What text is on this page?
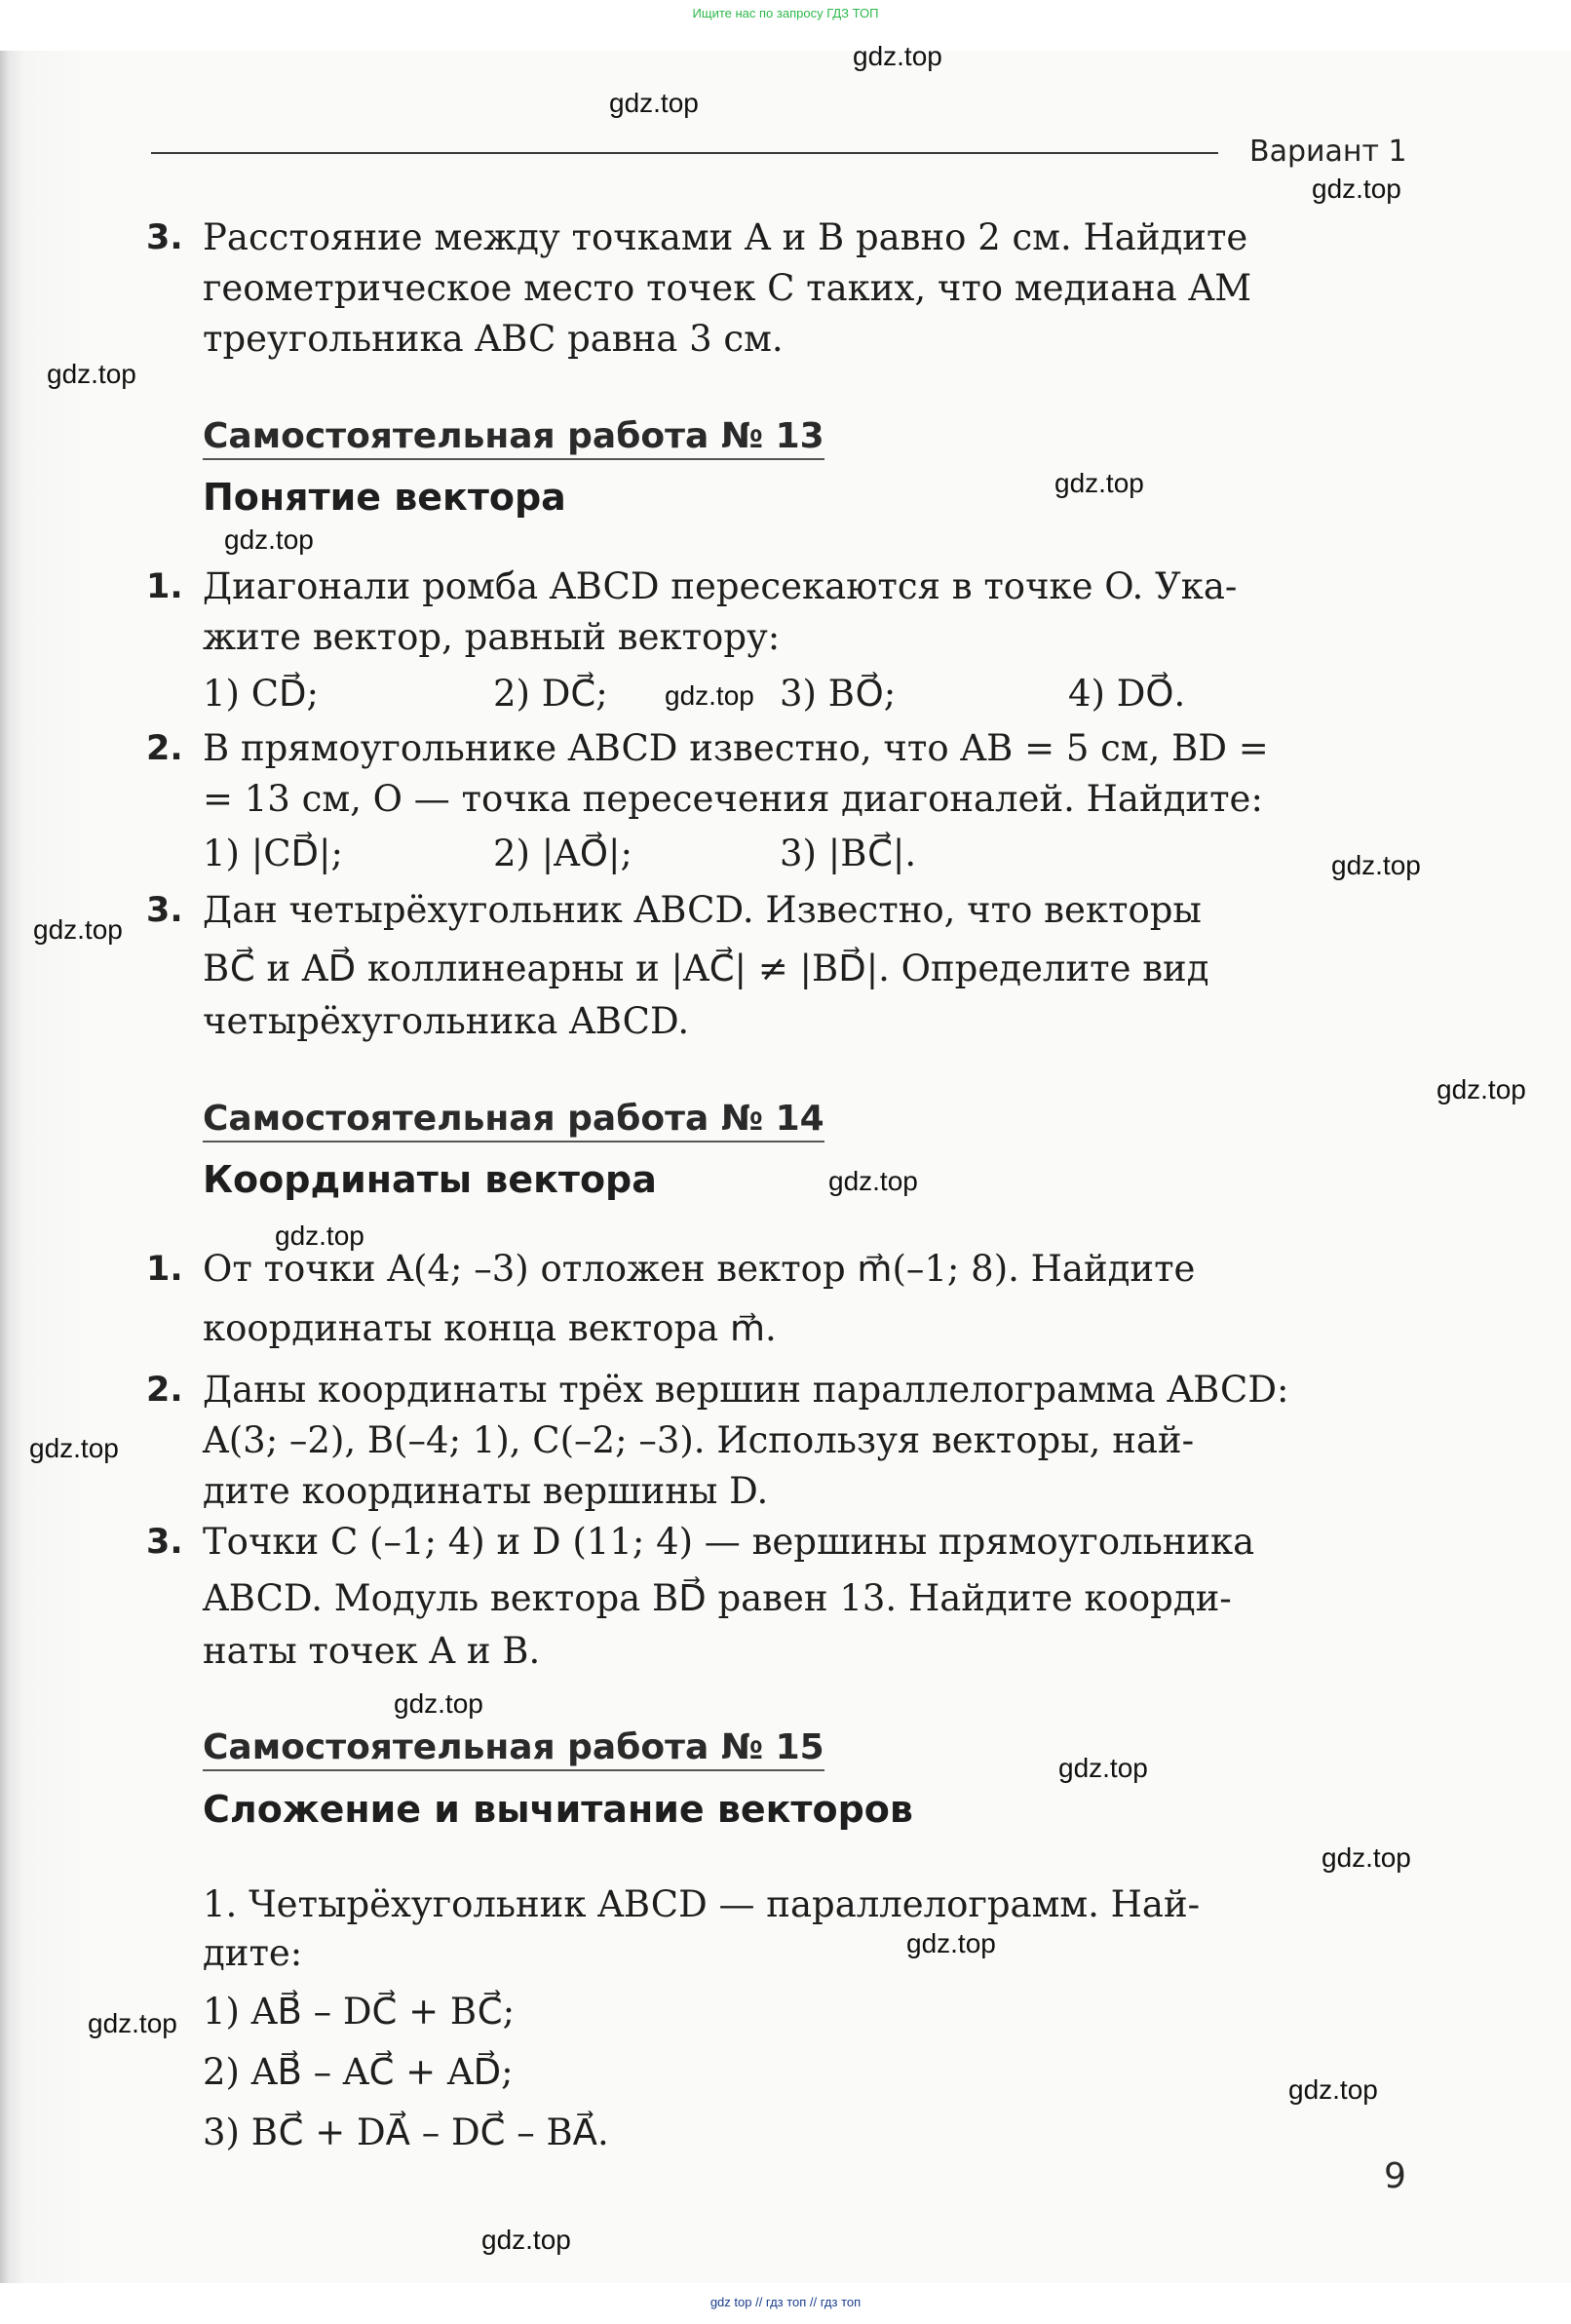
Ищите нас по запросу ГДЗ ТОП
Вариант 1
3. Расстояние между точками A и B равно 2 см. Найдите
геометрическое место точек C таких, что медиана AM
треугольника ABC равна 3 см.
Самостоятельная работа № 13
Понятие вектора
1. Диагонали ромба ABCD пересекаются в точке O. Ука-
жите вектор, равный вектору:
1) CD⃗;	2) DC⃗;	3) BO⃗;	4) DO⃗.
2. В прямоугольнике ABCD известно, что AB = 5 см, BD =
= 13 см, O — точка пересечения диагоналей. Найдите:
1) |CD⃗|;	2) |AO⃗|;	3) |BC⃗|.
3. Дан четырёхугольник ABCD. Известно, что векторы
BC⃗ и AD⃗ коллинеарны и |AC⃗| ≠ |BD⃗|. Определите вид
четырёхугольника ABCD.
Самостоятельная работа № 14
Координаты вектора
1. От точки A(4; –3) отложен вектор m⃗(–1; 8). Найдите
координаты конца вектора m⃗.
2. Даны координаты трёх вершин параллелограмма ABCD:
A(3; –2), B(–4; 1), C(–2; –3). Используя векторы, най-
дите координаты вершины D.
3. Точки C (–1; 4) и D (11; 4) — вершины прямоугольника
ABCD. Модуль вектора BD⃗ равен 13. Найдите коорди-
наты точек A и B.
Самостоятельная работа № 15
Сложение и вычитание векторов
1. Четырёхугольник ABCD — параллелограмм. Най-
дите:
1) AB⃗ – DC⃗ + BC⃗;
2) AB⃗ – AC⃗ + AD⃗;
3) BC⃗ + DA⃗ – DC⃗ – BA⃗.
9
gdz.top
gdz.top
gdz.top
gdz.top
gdz.top
gdz.top
gdz.top
gdz.top
gdz.top
gdz.top
gdz.top
gdz.top
gdz.top
gdz.top
gdz.top
gdz.top
gdz.top
gdz.top
gdz.top
gdz.top
gdz top // гдз топ // гдз топ
